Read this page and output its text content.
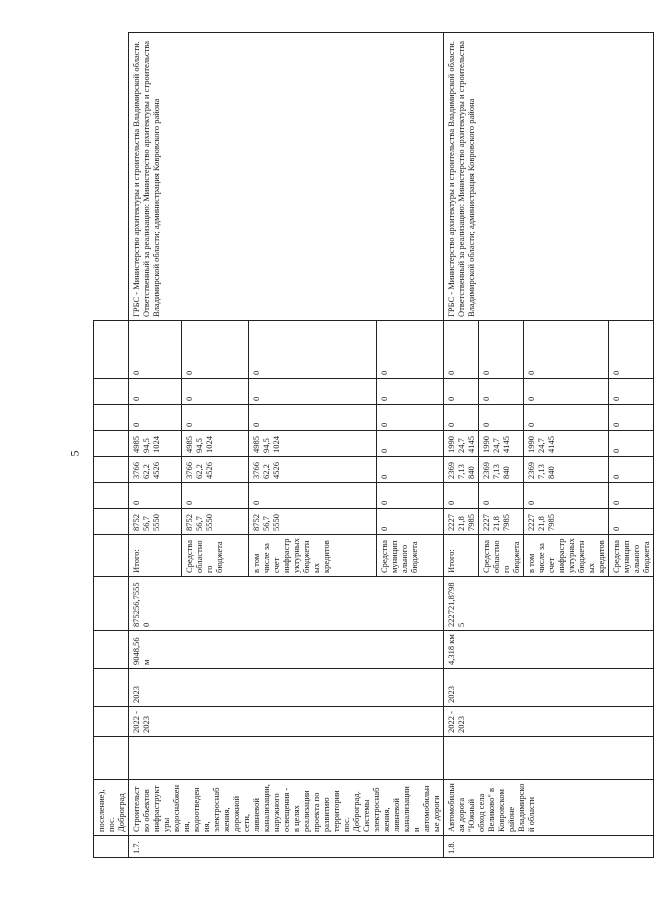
5
	поселение), пос. Доброград														
1.7.	Строительство объектов инфраструктуры водоснабжения, водоотведения, электроснабжения, дорожной сети, ливневой канализации, наружного освещения - в целях реализации проекта по развитию территории пос. Доброград. Системы электроснабжения, ливневой канализации и автомобильные дороги		2022 - 2023	2023	9048,56 м	875256,75550	Итого:	875256,75550	0	376662,24526	498594,51024	0	0	0	ГРБС - Министерство архитектуры и строительства Владимирской области. Ответственный за реализацию: Министерство архитектуры и строительства Владимирской области; администрация Ковровского района
							Средства областного бюджета	875256,75550	0	376662,24526	498594,51024	0	0	0	
							в том числе за счет инфраструктурных бюджетных кредитов	875256,75550	0	376662,24526	498594,51024	0	0	0	
							Средства муниципального бюджета	0	0	0	0	0	0	0	
1.8.	Автомобильная дорога "Южный обход села Великово" в Ковровском районе Владимирской области		2022 - 2023	2023	4,318 км	222721,87985	Итого:	222721,87985	0	23697,13840	199024,74145	0	0	0	ГРБС - Министерство архитектуры и строительства Владимирской области. Ответственный за реализацию: Министерство архитектуры и строительства Владимирской области; администрация Ковровского района
							Средства областного бюджета	222721,87985	0	23697,13840	199024,74145	0	0	0	
							в том числе за счет инфраструктурных бюджетных кредитов	222721,87985	0	23697,13840	199024,74145	0	0	0	
							Средства муниципального бюджета	0	0	0	0	0	0	0	
